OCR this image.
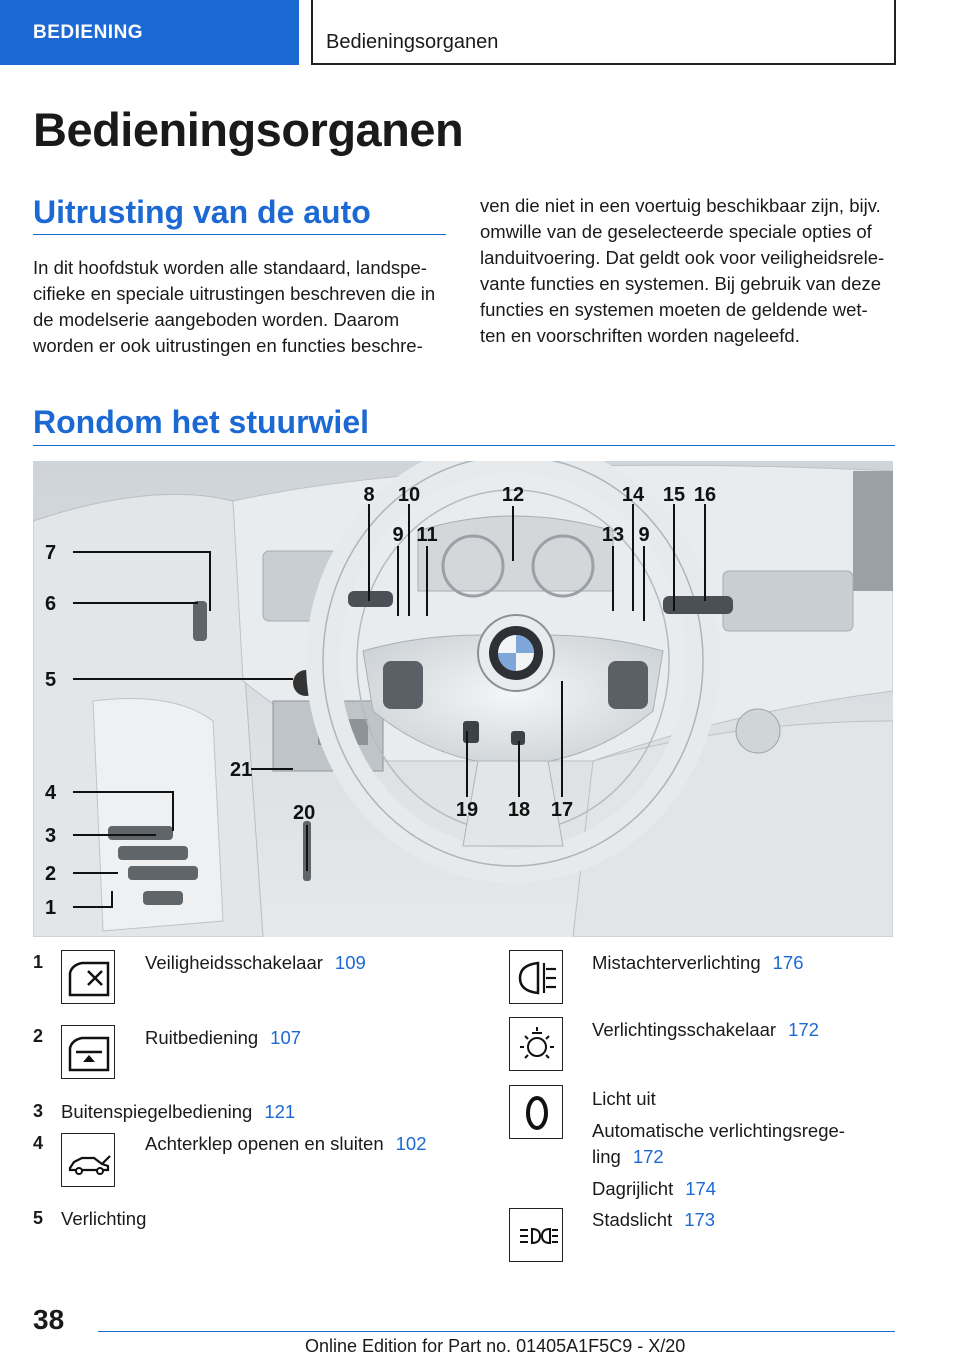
BEDIENING	Bedieningsorganen
Bedieningsorganen
Uitrusting van de auto

In dit hoofdstuk worden alle standaard, landspe-
cifieke en speciale uitrustingen beschreven die in
de modelserie aangeboden worden. Daarom
worden er ook uitrustingen en functies beschre-

ven die niet in een voertuig beschikbaar zijn, bijv.
omwille van de geselecteerde speciale opties of
landuitvoering. Dat geldt ook voor veiligheidsrele-
vante functies en systemen. Bij gebruik van deze
functies en systemen moeten de geldende wet-
ten en voorschriften worden nageleefd.

Rondom het stuurwiel
8 10	12	14 15 16
9 11	13 9
7
6
5
4
3
2
1
21
20	19 18 17
1	Veiligheidsschakelaar 109
2	Ruitbediening 107
3 Buitenspiegelbediening 121
4	Achterklep openen en sluiten 102
5 Verlichting
Mistachterverlichting 176
Verlichtingsschakelaar 172
Licht uit
Automatische verlichtingsrege-
ling 172
Dagrijlicht 174
Stadslicht 173
38
Online Edition for Part no. 01405A1F5C9 - X/20
